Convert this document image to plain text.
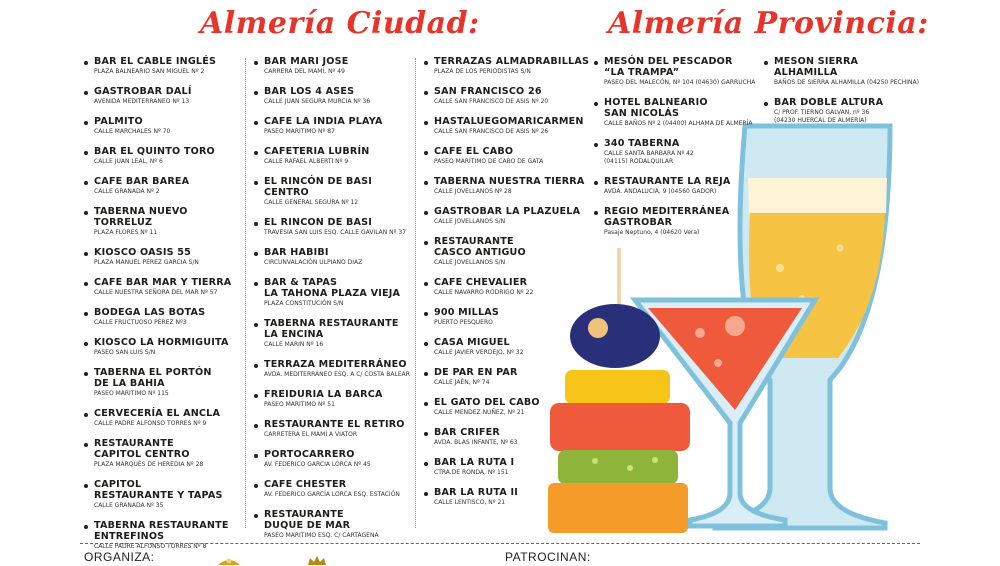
Almería Ciudad:	Almería Provincia:
BAR EL CABLE INGLÉS
PLAZA BALNEARIO SAN MIGUEL Nº 2
GASTROBAR DALÍ
AVENIDA MEDITERRANEO Nº 13
PALMITO
CALLE MARCHALES Nº 70
BAR EL QUINTO TORO
CALLE JUAN LEAL, Nº 6
CAFE BAR BAREA
CALLE GRANADA Nº 2
TABERNA NUEVO TORRELUZ
PLAZA FLORES Nº 11
KIOSCO OASIS 55
PLAZA MANUEL PÉREZ GARCIA S/N
CAFE BAR MAR Y TIERRA
CALLE NUESTRA SEÑORA DEL MAR Nº 57
BODEGA LAS BOTAS
CALLE FRUCTUOSO PÉREZ Nº3
KIOSCO LA HORMIGUITA
PASEO SAN LUIS S/N
TABERNA EL PORTÓN
DE LA BAHIA
PASEO MARITIMO Nº 115
CERVECERÍA EL ANCLA
CALLE PADRE ALFONSO TORRES Nº 9
RESTAURANTE
CAPITOL CENTRO
PLAZA MARQUÉS DE HEREDIA Nº 28
CAPITOL
RESTAURANTE Y TAPAS
CALLE GRANADA Nº 35
TABERNA RESTAURANTE
ENTREFINOS
CALLE PADRE ALFONSO TORRES Nº 8
BAR MARI JOSE
CARRERA DEL MAMÍ, Nº 49
BAR LOS 4 ASES
CALLE JUAN SEGURA MURCIA Nº 36
CAFE LA INDIA PLAYA
PASEO MARITIMO Nº 87
CAFETERIA LUBRÍN
CALLE RAFAEL ALBERTI Nº 9
EL RINCÓN DE BASI CENTRO
CALLE GENERAL SEGURA Nº 12
EL RINCON DE BASI
TRAVESIA SAN LUIS ESQ. CALLE GAVILAN Nº 37
BAR HABIBI
CIRCUNVALACIÓN ULPIANO DIAZ
BAR & TAPAS
LA TAHONA PLAZA VIEJA
PLAZA CONSTITUCIÓN S/N
TABERNA RESTAURANTE
LA ENCINA
CALLE MARIN Nº 16
TERRAZA MEDITERRÁNEO
AVDA. MEDITERRÁNEO ESQ. A C/ COSTA BALEAR
FREIDURIA LA BARCA
PASEO MARITIMO Nº 51
RESTAURANTE EL RETIRO
CARRETERA EL MAMÍ A VIATOR
PORTOCARRERO
AV. FEDERICO GARCIA LORCA Nº 45
CAFE CHESTER
AV. FEDERICO GARCÍA LORCA ESQ. ESTACIÓN
RESTAURANTE
DUQUE DE MAR
PASEO MARITIMO ESQ. C/ CARTAGENA
TERRAZAS ALMADRABILLAS
PLAZA DE LOS PERIODISTAS S/N
SAN FRANCISCO 26
CALLE SAN FRANCISCO DE ASIS Nº 20
HASTALUEGOMARICARMEN
CALLE SAN FRANCISCO DE ASIS Nº 26
CAFE EL CABO
PASEO MARÍTIMO DE CABO DE GATA
TABERNA NUESTRA TIERRA
CALLE JOVELLANOS Nº 28
GASTROBAR LA PLAZUELA
CALLE JOVELLANOS S/N
RESTAURANTE
CASCO ANTIGUO
CALLE JOVELLANOS S/N
CAFE CHEVALIER
CALLE NAVARRO RODRIGO Nº 22
900 MILLAS
PUERTO PESQUERO
CASA MIGUEL
CALLE JAVIER VERDEJO, Nº 32
DE PAR EN PAR
CALLE JAÉN, Nº 74
EL GATO DEL CABO
CALLE MENDEZ NUÑEZ, Nº 21
BAR CRIFER
AVDA. BLAS INFANTE, Nº 63
BAR LA RUTA I
CTRA.DE RONDA, Nº 151
BAR LA RUTA II
CALLE LENTISCO, Nº 21
MESÓN DEL PESCADOR
“LA TRAMPA”
PASEO DEL MALECÓN, Nº 104 (04630) GARRUCHA
HOTEL BALNEARIO
SAN NICOLÁS
CALLE BAÑOS Nº 2 (04400) ALHAMA DE ALMERÍA
340 TABERNA
CALLE SANTA BARBARA Nº 42
(04115) RODALQUILAR
RESTAURANTE LA REJA
AVDA. ANDALUCIA, 9 (04560 GADOR)
REGIO MEDITERRÁNEA
GASTROBAR
Pasaje Neptuno, 4 (04620 Vera)
MESON SIERRA ALHAMILLA
BAÑOS DE SIERRA ALHAMILLA (04250 PECHINA)
BAR DOBLE ALTURA
C/ PROF. TIERNO GALVAN, nº 36
(04230 HUERCAL DE ALMERIA)
ORGANIZA:	PATROCINAN:
